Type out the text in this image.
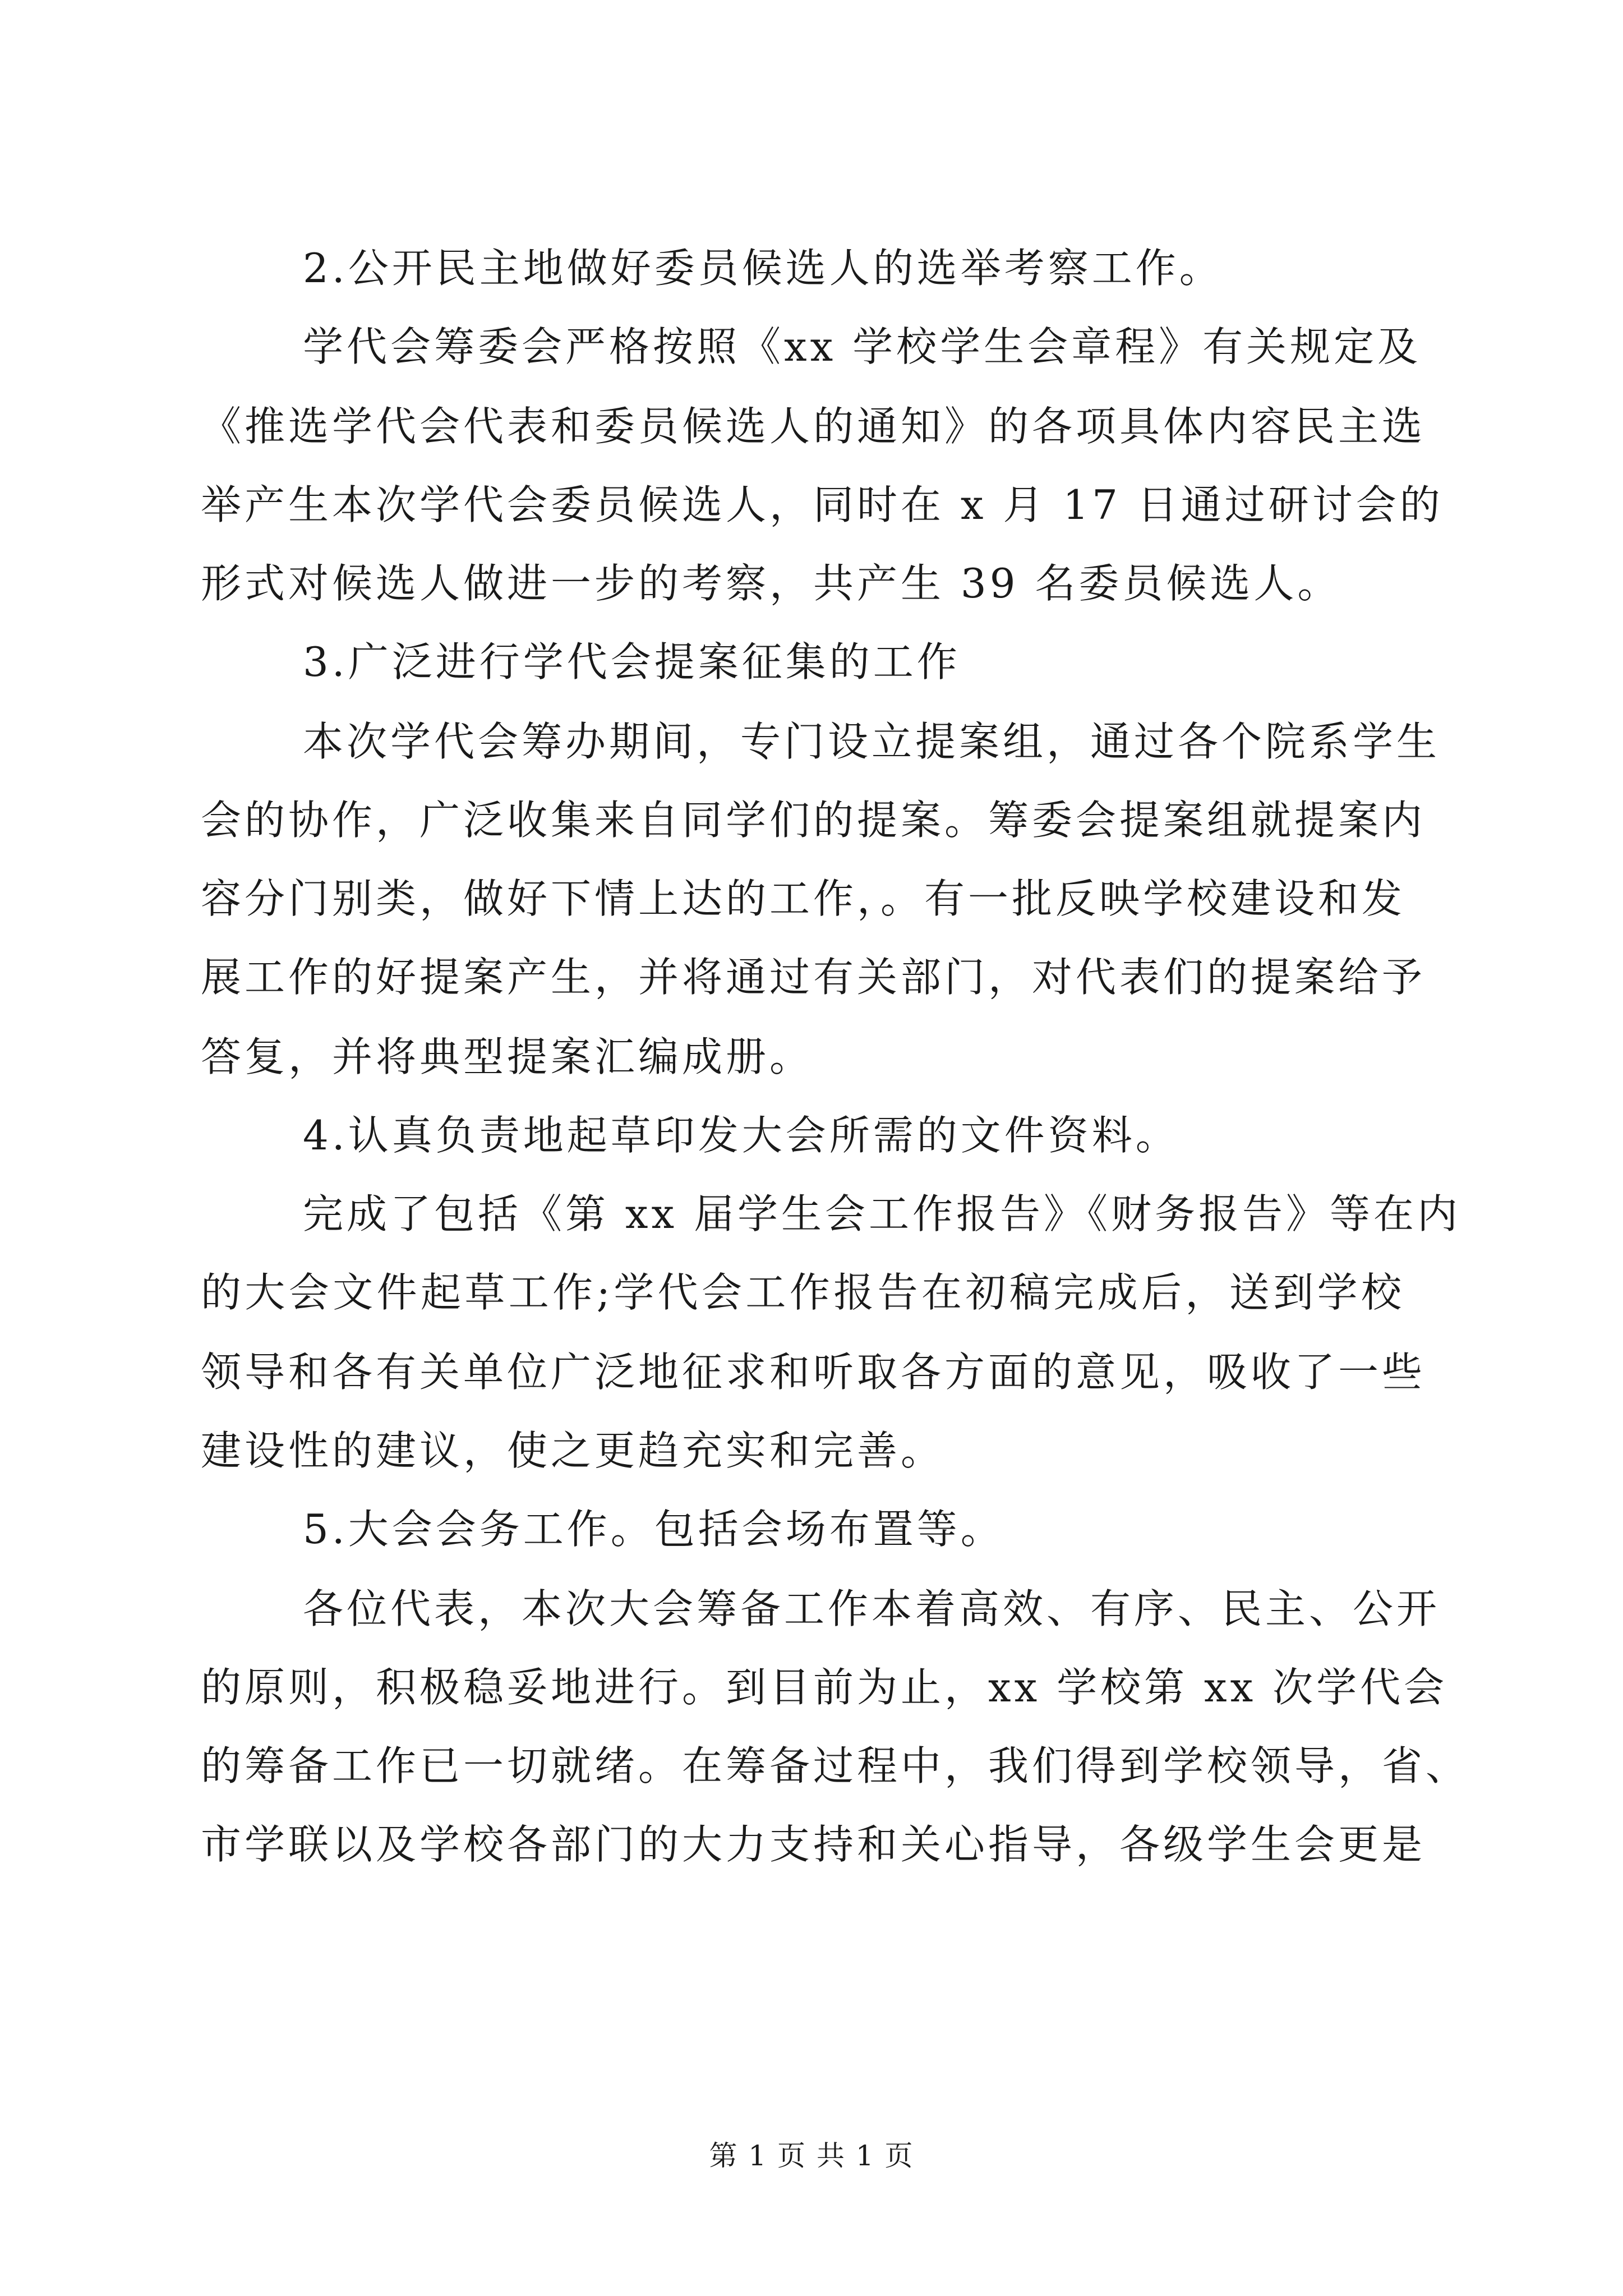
2.公开民主地做好委员候选人的选举考察工作。
学代会筹委会严格按照《xx 学校学生会章程》有关规定及
《推选学代会代表和委员候选人的通知》的各项具体内容民主选
举产生本次学代会委员候选人，同时在 x 月 17 日通过研讨会的
形式对候选人做进一步的考察，共产生 39 名委员候选人。
3.广泛进行学代会提案征集的工作
本次学代会筹办期间，专门设立提案组，通过各个院系学生
会的协作，广泛收集来自同学们的提案。筹委会提案组就提案内
容分门别类，做好下情上达的工作，。有一批反映学校建设和发
展工作的好提案产生，并将通过有关部门，对代表们的提案给予
答复，并将典型提案汇编成册。
4.认真负责地起草印发大会所需的文件资料。
完成了包括《第 xx 届学生会工作报告》《财务报告》等在内
的大会文件起草工作;学代会工作报告在初稿完成后，送到学校
领导和各有关单位广泛地征求和听取各方面的意见，吸收了一些
建设性的建议，使之更趋充实和完善。
5.大会会务工作。包括会场布置等。
各位代表，本次大会筹备工作本着高效、有序、民主、公开
的原则，积极稳妥地进行。到目前为止，xx 学校第 xx 次学代会
的筹备工作已一切就绪。在筹备过程中，我们得到学校领导，省、
市学联以及学校各部门的大力支持和关心指导，各级学生会更是
第 1 页 共 1 页
